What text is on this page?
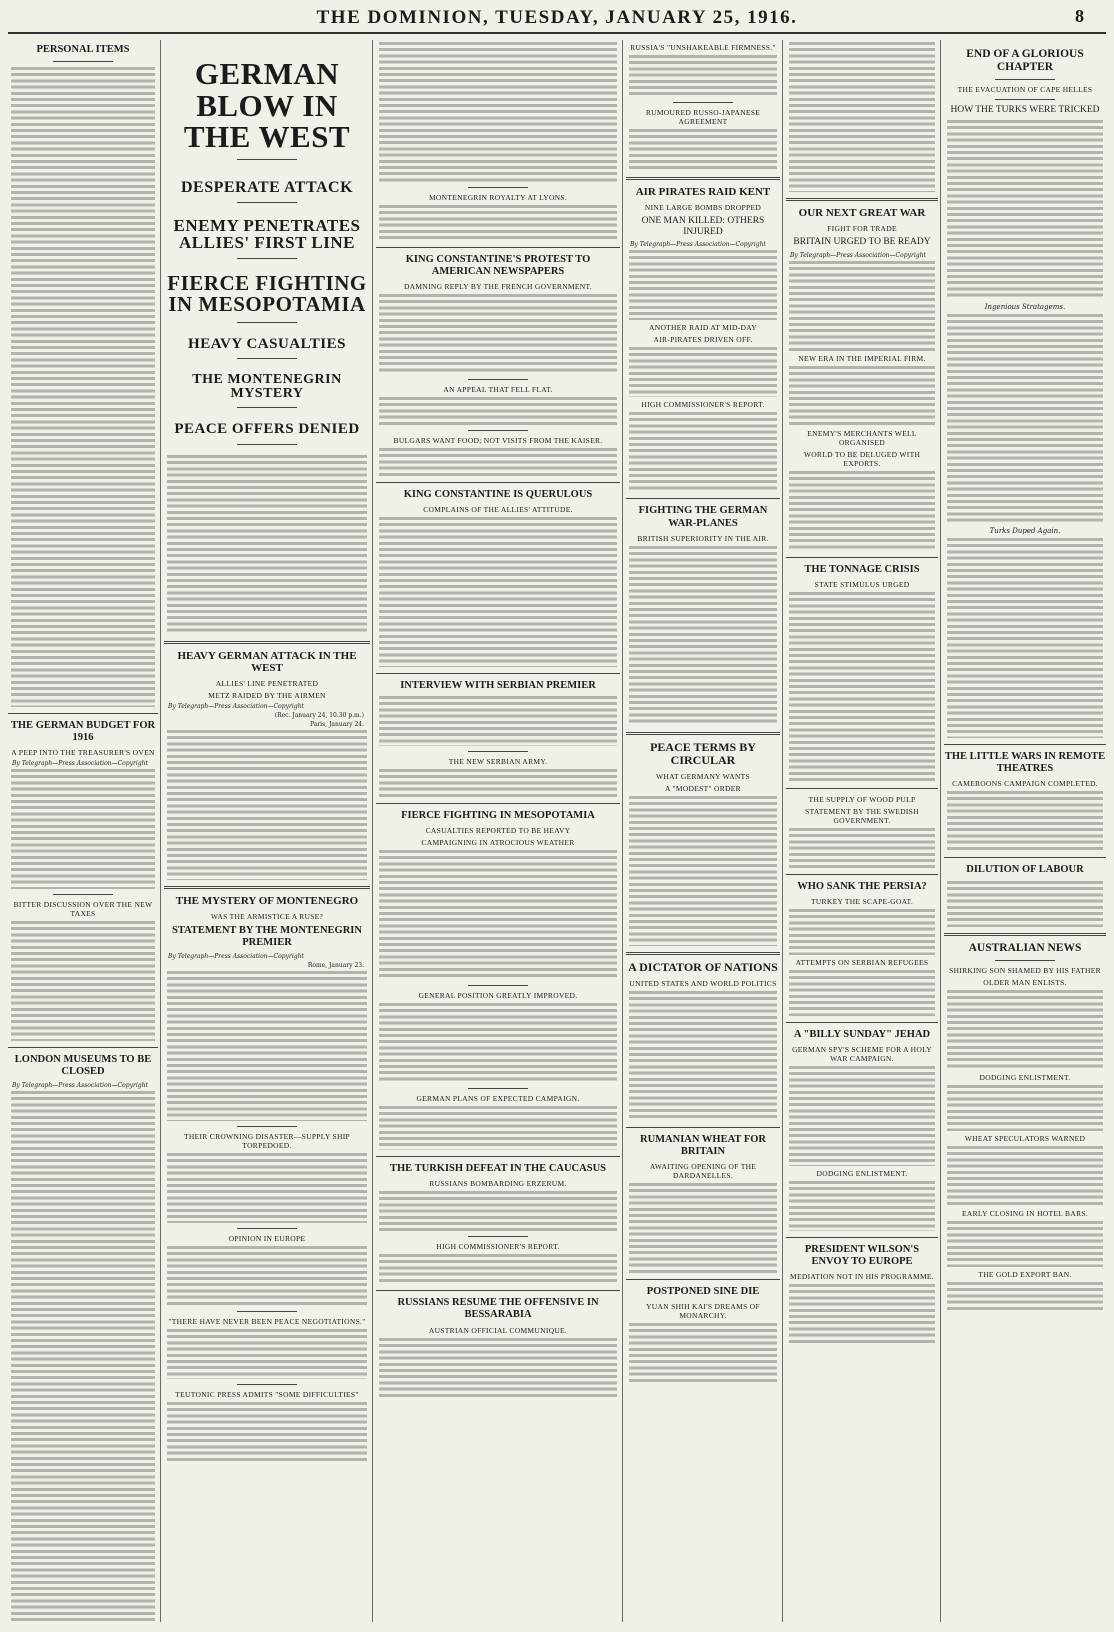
THE DOMINION, TUESDAY, JANUARY 25, 1916.	8
PERSONAL ITEMS
THE GERMAN BUDGET FOR 1916
A PEEP INTO THE TREASURER'S OVEN
By Telegraph—Press Association—Copyright
BITTER DISCUSSION OVER THE NEW TAXES
LONDON MUSEUMS TO BE CLOSED
By Telegraph—Press Association—Copyright
GERMAN BLOW IN THE WEST
DESPERATE ATTACK
ENEMY PENETRATES ALLIES' FIRST LINE
FIERCE FIGHTING IN MESOPOTAMIA
HEAVY CASUALTIES
THE MONTENEGRIN MYSTERY
PEACE OFFERS DENIED
HEAVY GERMAN ATTACK IN THE WEST
ALLIES' LINE PENETRATED
METZ RAIDED BY THE AIRMEN
By Telegraph—Press Association—Copyright
(Rec. January 24, 10.30 p.m.)
Paris, January 24.
THE MYSTERY OF MONTENEGRO
WAS THE ARMISTICE A RUSE?
STATEMENT BY THE MONTENEGRIN PREMIER
By Telegraph—Press Association—Copyright
Rome, January 23.
THEIR CROWNING DISASTER—SUPPLY SHIP TORPEDOED.
OPINION IN EUROPE
"THERE HAVE NEVER BEEN PEACE NEGOTIATIONS."
TEUTONIC PRESS ADMITS "SOME DIFFICULTIES"
MONTENEGRIN ROYALTY AT LYONS.
KING CONSTANTINE'S PROTEST TO AMERICAN NEWSPAPERS
DAMNING REPLY BY THE FRENCH GOVERNMENT.
AN APPEAL THAT FELL FLAT.
BULGARS WANT FOOD; NOT VISITS FROM THE KAISER.
KING CONSTANTINE IS QUERULOUS
COMPLAINS OF THE ALLIES' ATTITUDE.
INTERVIEW WITH SERBIAN PREMIER
THE NEW SERBIAN ARMY.
FIERCE FIGHTING IN MESOPOTAMIA
CASUALTIES REPORTED TO BE HEAVY
CAMPAIGNING IN ATROCIOUS WEATHER
GENERAL POSITION GREATLY IMPROVED.
GERMAN PLANS OF EXPECTED CAMPAIGN.
THE TURKISH DEFEAT IN THE CAUCASUS
RUSSIANS BOMBARDING ERZERUM.
HIGH COMMISSIONER'S REPORT.
RUSSIANS RESUME THE OFFENSIVE IN BESSARABIA
AUSTRIAN OFFICIAL COMMUNIQUE.
RUSSIA'S "UNSHAKEABLE FIRMNESS."
RUMOURED RUSSO-JAPANESE AGREEMENT
AIR PIRATES RAID KENT
NINE LARGE BOMBS DROPPED
ONE MAN KILLED: OTHERS INJURED
By Telegraph—Press Association—Copyright
ANOTHER RAID AT MID-DAY
AIR-PIRATES DRIVEN OFF.
HIGH COMMISSIONER'S REPORT.
FIGHTING THE GERMAN WAR-PLANES
BRITISH SUPERIORITY IN THE AIR.
PEACE TERMS BY CIRCULAR
WHAT GERMANY WANTS
A "MODEST" ORDER
A DICTATOR OF NATIONS
UNITED STATES AND WORLD POLITICS
RUMANIAN WHEAT FOR BRITAIN
AWAITING OPENING OF THE DARDANELLES.
POSTPONED SINE DIE
YUAN SHIH KAI'S DREAMS OF MONARCHY.
OUR NEXT GREAT WAR
FIGHT FOR TRADE
BRITAIN URGED TO BE READY
By Telegraph—Press Association—Copyright
NEW ERA IN THE IMPERIAL FIRM.
ENEMY'S MERCHANTS WELL ORGANISED
WORLD TO BE DELUGED WITH EXPORTS.
THE TONNAGE CRISIS
STATE STIMULUS URGED
THE SUPPLY OF WOOD PULP
STATEMENT BY THE SWEDISH GOVERNMENT.
WHO SANK THE PERSIA?
TURKEY THE SCAPE-GOAT.
ATTEMPTS ON SERBIAN REFUGEES
A "BILLY SUNDAY" JEHAD
GERMAN SPY'S SCHEME FOR A HOLY WAR CAMPAIGN.
DODGING ENLISTMENT.
PRESIDENT WILSON'S ENVOY TO EUROPE
MEDIATION NOT IN HIS PROGRAMME.
END OF A GLORIOUS CHAPTER
THE EVACUATION OF CAPE HELLES
HOW THE TURKS WERE TRICKED
Ingenious Stratagems.
Turks Duped Again.
THE LITTLE WARS IN REMOTE THEATRES
CAMEROONS CAMPAIGN COMPLETED.
DILUTION OF LABOUR
AUSTRALIAN NEWS
SHIRKING SON SHAMED BY HIS FATHER
OLDER MAN ENLISTS.
DODGING ENLISTMENT.
WHEAT SPECULATORS WARNED
EARLY CLOSING IN HOTEL BARS.
THE GOLD EXPORT BAN.
